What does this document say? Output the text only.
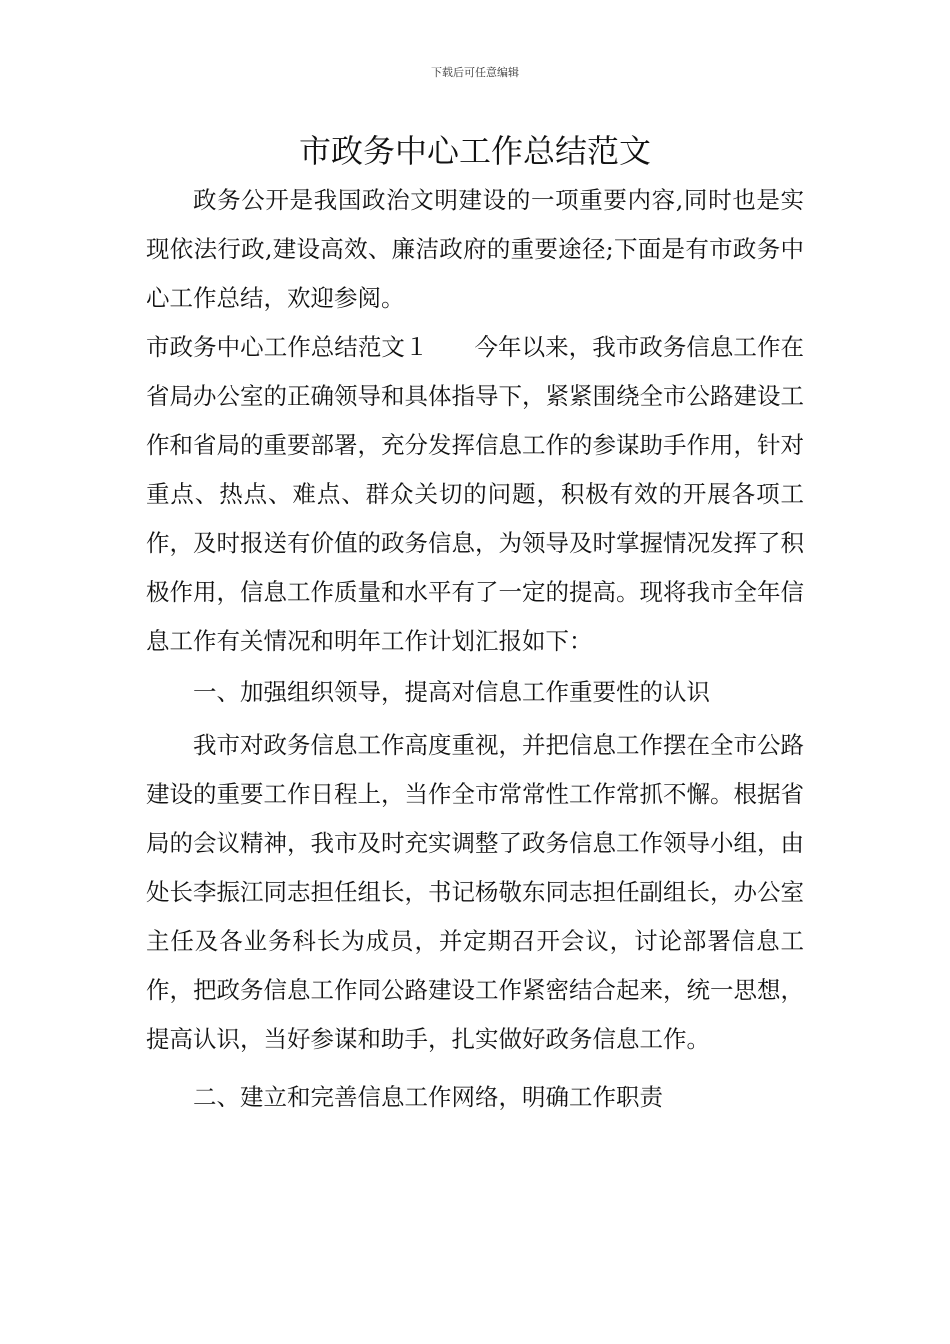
下载后可任意编辑
市政务中心工作总结范文

政务公开是我国政治文明建设的一项重要内容,同时也是实现依法行政,建设高效、廉洁政府的重要途径;下面是有市政务中心工作总结，欢迎参阅。

市政务中心工作总结范文１ 今年以来，我市政务信息工作在省局办公室的正确领导和具体指导下，紧紧围绕全市公路建设工作和省局的重要部署，充分发挥信息工作的参谋助手作用，针对重点、热点、难点、群众关切的问题，积极有效的开展各项工作，及时报送有价值的政务信息，为领导及时掌握情况发挥了积极作用，信息工作质量和水平有了一定的提高。现将我市全年信息工作有关情况和明年工作计划汇报如下：

一、加强组织领导，提高对信息工作重要性的认识

我市对政务信息工作高度重视，并把信息工作摆在全市公路建设的重要工作日程上，当作全市常常性工作常抓不懈。根据省局的会议精神，我市及时充实调整了政务信息工作领导小组，由处长李振江同志担任组长，书记杨敬东同志担任副组长，办公室主任及各业务科长为成员，并定期召开会议，讨论部署信息工作，把政务信息工作同公路建设工作紧密结合起来，统一思想，提高认识，当好参谋和助手，扎实做好政务信息工作。

二、建立和完善信息工作网络，明确工作职责
